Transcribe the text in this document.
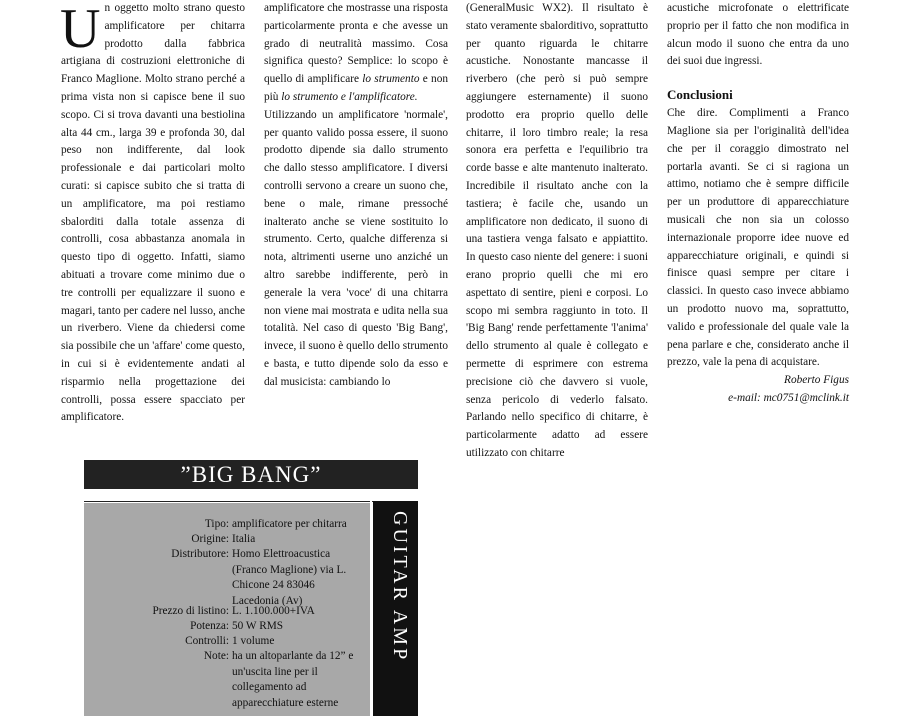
U n oggetto molto strano questo amplificatore per chitarra prodotto dalla fabbrica artigiana di costruzioni elettroniche di Franco Maglione. Molto strano perché a prima vista non si capisce bene il suo scopo. Ci si trova davanti una bestiolina alta 44 cm., larga 39 e profonda 30, dal peso non indifferente, dal look professionale e dai particolari molto curati: si capisce subito che si tratta di un amplificatore, ma poi restiamo sbalorditi dalla totale assenza di controlli, cosa abbastanza anomala in questo tipo di oggetto. Infatti, siamo abituati a trovare come minimo due o tre controlli per equalizzare il suono e magari, tanto per cadere nel lusso, anche un riverbero. Viene da chiedersi come sia possibile che un 'affare' come questo, in cui si è evidentemente andati al risparmio nella progettazione dei controlli, possa essere spacciato per amplificatore.

amplificatore che mostrasse una risposta particolarmente pronta e che avesse un grado di neutralità massimo. Cosa significa questo? Semplice: lo scopo è quello di amplificare lo strumento e non più lo strumento e l'amplificatore.

Utilizzando un amplificatore 'normale', per quanto valido possa essere, il suono prodotto dipende sia dallo strumento che dallo stesso amplificatore. I diversi controlli servono a creare un suono che, bene o male, rimane pressoché inalterato anche se viene sostituito lo strumento. Certo, qualche differenza si nota, altrimenti userne uno anziché un altro sarebbe indifferente, però in generale la vera 'voce' di una chitarra non viene mai mostrata e udita nella sua totalità. Nel caso di questo 'Big Bang', invece, il suono è quello dello strumento e basta, e tutto dipende solo da esso e dal musicista: cambiando lo

(GeneralMusic WX2). Il risultato è stato veramente sbalorditivo, soprattutto per quanto riguarda le chitarre acustiche. Nonostante mancasse il riverbero (che però si può sempre aggiungere esternamente) il suono prodotto era proprio quello delle chitarre, il loro timbro reale; la resa sonora era perfetta e l'equilibrio tra corde basse e alte mantenuto inalterato. Incredibile il risultato anche con la tastiera; è facile che, usando un amplificatore non dedicato, il suono di una tastiera venga falsato e appiattito. In questo caso niente del genere: i suoni erano proprio quelli che mi ero aspettato di sentire, pieni e corposi. Lo scopo mi sembra raggiunto in toto. Il 'Big Bang' rende perfettamente 'l'anima' dello strumento al quale è collegato e permette di esprimere con estrema precisione ciò che davvero si vuole, senza pericolo di vederlo falsato. Parlando nello specifico di chitarre, è particolarmente adatto ad essere utilizzato con chitarre

acustiche microfonate o elettrificate proprio per il fatto che non modifica in alcun modo il suono che entra da uno dei suoi due ingressi.

Conclusioni

Che dire. Complimenti a Franco Maglione sia per l'originalità dell'idea che per il coraggio dimostrato nel portarla avanti. Se ci si ragiona un attimo, notiamo che è sempre difficile per un produttore di apparecchiature musicali che non sia un colosso internazionale proporre idee nuove ed apparecchiature originali, e quindi si finisce quasi sempre per citare i classici. In questo caso invece abbiamo un prodotto nuovo ma, soprattutto, valido e professionale del quale vale la pena parlare e che, considerato anche il prezzo, vale la pena di acquistare.

Roberto Figus

e-mail: mc0751@mclink.it

”BIG BANG”
GUITAR AMP
Tipo: amplificatore per chitarra
Origine: Italia
Distributore: Homo Elettroacustica (Franco Maglione) via L. Chicone 24 83046 Lacedonia (Av)
Prezzo di listino: L. 1.100.000+IVA
Potenza: 50 W RMS
Controlli: 1 volume
Note: ha un altoparlante da 12” e un'uscita line per il collegamento ad apparecchiature esterne
